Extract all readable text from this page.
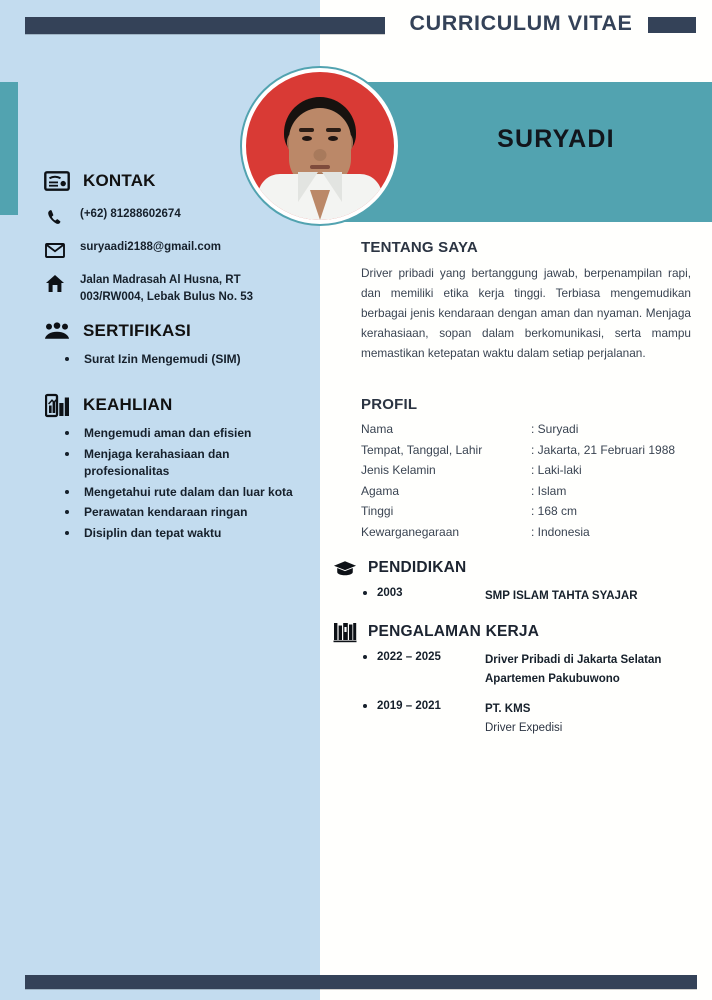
CURRICULUM VITAE
SURYADI
KONTAK
(+62) 81288602674
suryaadi2188@gmail.com
Jalan Madrasah Al Husna, RT 003/RW004, Lebak Bulus No. 53
SERTIFIKASI
• Surat Izin Mengemudi (SIM)
KEAHLIAN
• Mengemudi aman dan efisien
• Menjaga kerahasiaan dan profesionalitas
• Mengetahui rute dalam dan luar kota
• Perawatan kendaraan ringan
• Disiplin dan tepat waktu
TENTANG SAYA
Driver pribadi yang bertanggung jawab, berpenampilan rapi, dan memiliki etika kerja tinggi. Terbiasa mengemudikan berbagai jenis kendaraan dengan aman dan nyaman. Menjaga kerahasiaan, sopan dalam berkomunikasi, serta mampu memastikan ketepatan waktu dalam setiap perjalanan.
PROFIL
Nama	: Suryadi
Tempat, Tanggal, Lahir	: Jakarta, 21 Februari 1988
Jenis Kelamin	: Laki-laki
Agama	: Islam
Tinggi	: 168 cm
Kewarganegaraan	: Indonesia
PENDIDIKAN
• 2003	SMP ISLAM TAHTA SYAJAR
PENGALAMAN KERJA
• 2022 – 2025	Driver Pribadi di Jakarta Selatan
Apartemen Pakubuwono
• 2019 – 2021	PT. KMS
Driver Expedisi
